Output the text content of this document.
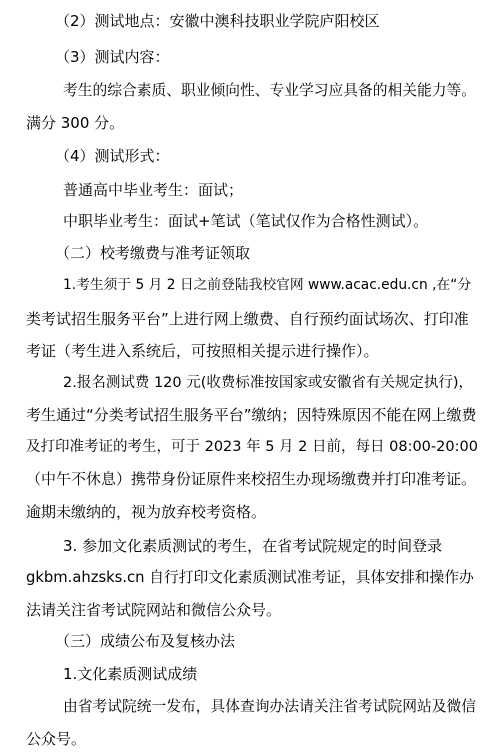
（2）测试地点：安徽中澳科技职业学院庐阳校区
（3）测试内容：
考生的综合素质、职业倾向性、专业学习应具备的相关能力等。
满分 300 分。
（4）测试形式：
普通高中毕业考生：面试；
中职毕业考生：面试+笔试（笔试仅作为合格性测试）。
（二）校考缴费与准考证领取
1.考生须于 5 月 2 日之前登陆我校官网 www.acac.edu.cn ,在“分
类考试招生服务平台”上进行网上缴费、自行预约面试场次、打印准
考证（考生进入系统后，可按照相关提示进行操作）。
2.报名测试费 120 元(收费标准按国家或安徽省有关规定执行)，
考生通过“分类考试招生服务平台”缴纳；因特殊原因不能在网上缴费
及打印准考证的考生，可于 2023 年 5 月 2 日前，每日 08:00-20:00
（中午不休息）携带身份证原件来校招生办现场缴费并打印准考证。
逾期未缴纳的，视为放弃校考资格。
3. 参加文化素质测试的考生，在省考试院规定的时间登录
gkbm.ahzsks.cn 自行打印文化素质测试准考证，具体安排和操作办
法请关注省考试院网站和微信公众号。
（三）成绩公布及复核办法
1.文化素质测试成绩
由省考试院统一发布，具体查询办法请关注省考试院网站及微信
公众号。
